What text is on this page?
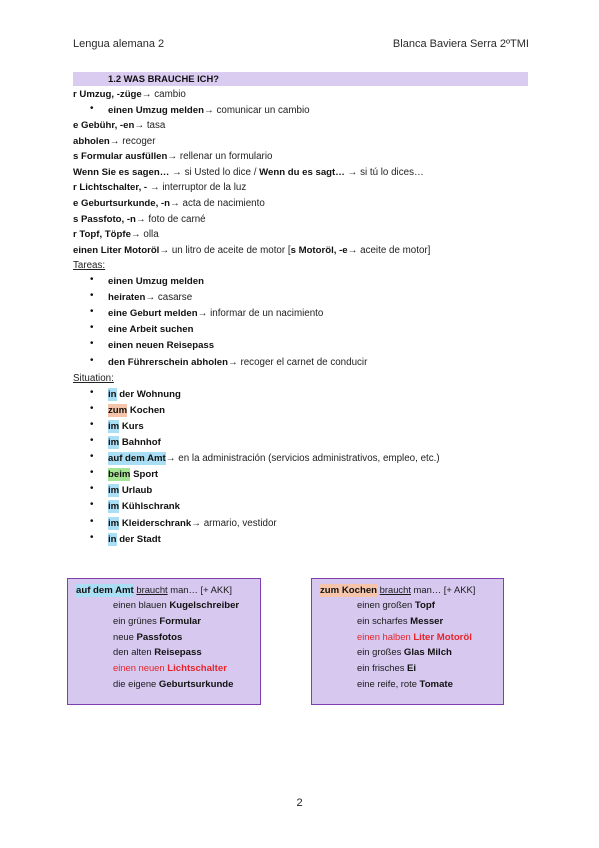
Lengua alemana 2	Blanca Baviera Serra 2ºTMI
1.2 WAS BRAUCHE ICH?
r Umzug, -züge→ cambio
• einen Umzug melden→ comunicar un cambio
e Gebühr, -en→ tasa
abholen→ recoger
s Formular ausfüllen→ rellenar un formulario
Wenn Sie es sagen… → si Usted lo dice / Wenn du es sagt… → si tú lo dices…
r Lichtschalter, - → interruptor de la luz
e Geburtsurkunde, -n→ acta de nacimiento
s Passfoto, -n→ foto de carné
r Topf, Töpfe→ olla
einen Liter Motoröl→ un litro de aceite de motor [s Motoröl, -e→ aceite de motor]
Tareas:
• einen Umzug melden
• heiraten→ casarse
• eine Geburt melden→ informar de un nacimiento
• eine Arbeit suchen
• einen neuen Reisepass
• den Führerschein abholen→ recoger el carnet de conducir
Situation:
• in der Wohnung
• zum Kochen
• im Kurs
• im Bahnhof
• auf dem Amt→ en la administración (servicios administrativos, empleo, etc.)
• beim Sport
• im Urlaub
• im Kühlschrank
• im Kleiderschrank→ armario, vestidor
• in der Stadt
auf dem Amt braucht man… [+ AKK]
einen blauen Kugelschreiber
ein grünes Formular
neue Passfotos
den alten Reisepass
einen neuen Lichtschalter
die eigene Geburtsurkunde
zum Kochen braucht man… [+ AKK]
einen großen Topf
ein scharfes Messer
einen halben Liter Motoröl
ein großes Glas Milch
ein frisches Ei
eine reife, rote Tomate
2
